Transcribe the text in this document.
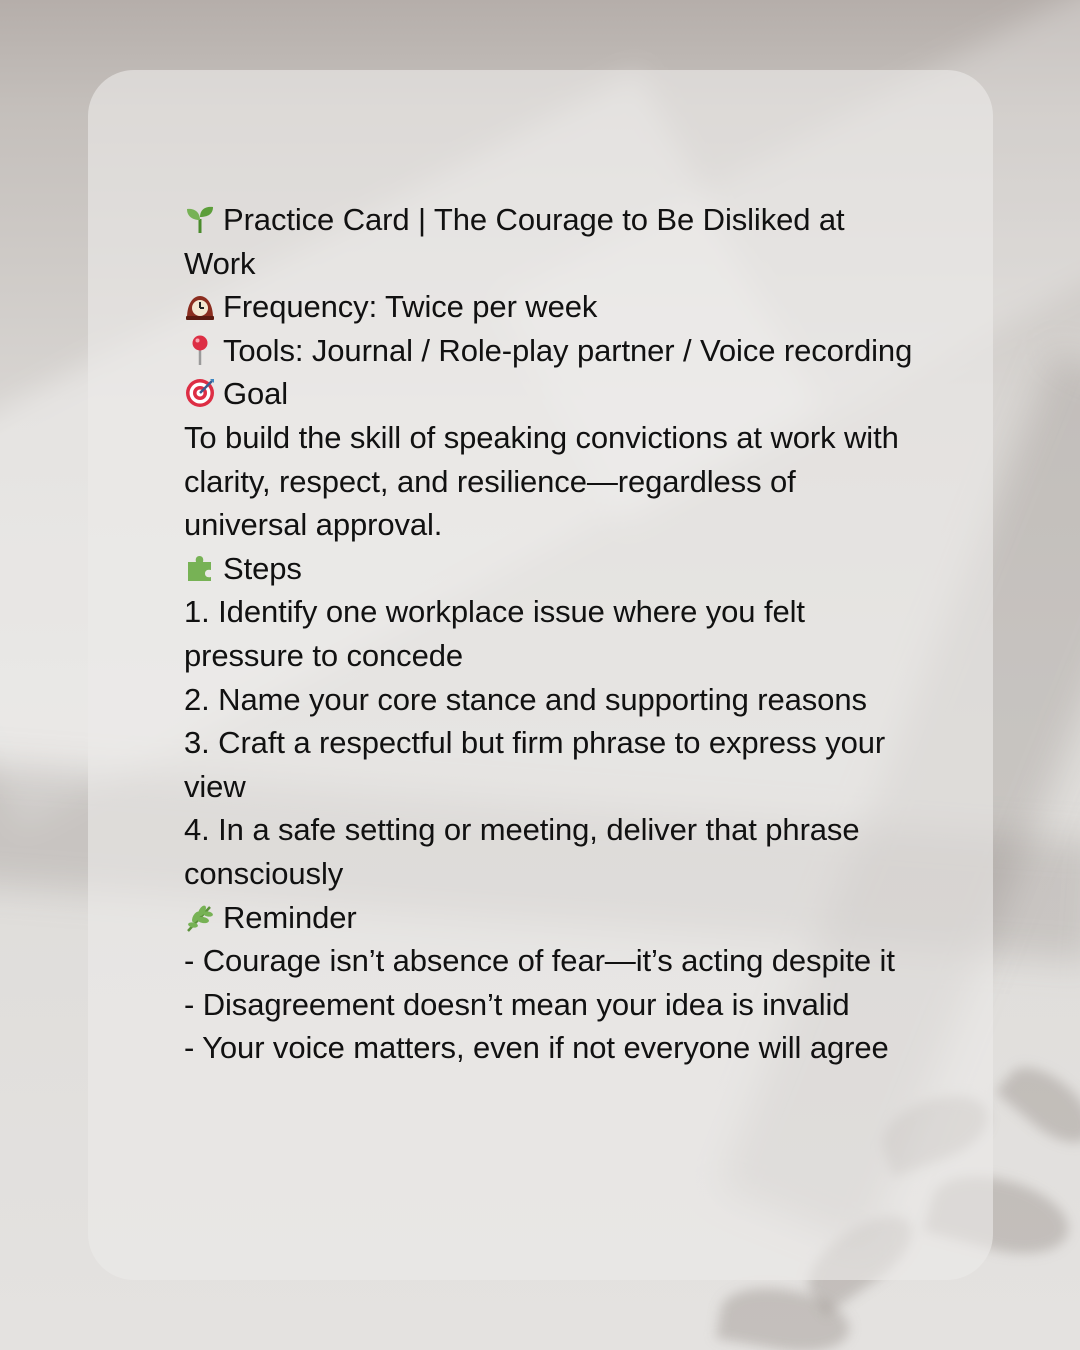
Practice Card | The Courage to Be Disliked at Work
Frequency: Twice per week
Tools: Journal / Role-play partner / Voice recording
Goal
To build the skill of speaking convictions at work with clarity, respect, and resilience—regardless of universal approval.
Steps
1. Identify one workplace issue where you felt pressure to concede
2. Name your core stance and supporting reasons
3. Craft a respectful but firm phrase to express your view
4. In a safe setting or meeting, deliver that phrase consciously
Reminder
- Courage isn’t absence of fear—it’s acting despite it
- Disagreement doesn’t mean your idea is invalid
- Your voice matters, even if not everyone will agree
